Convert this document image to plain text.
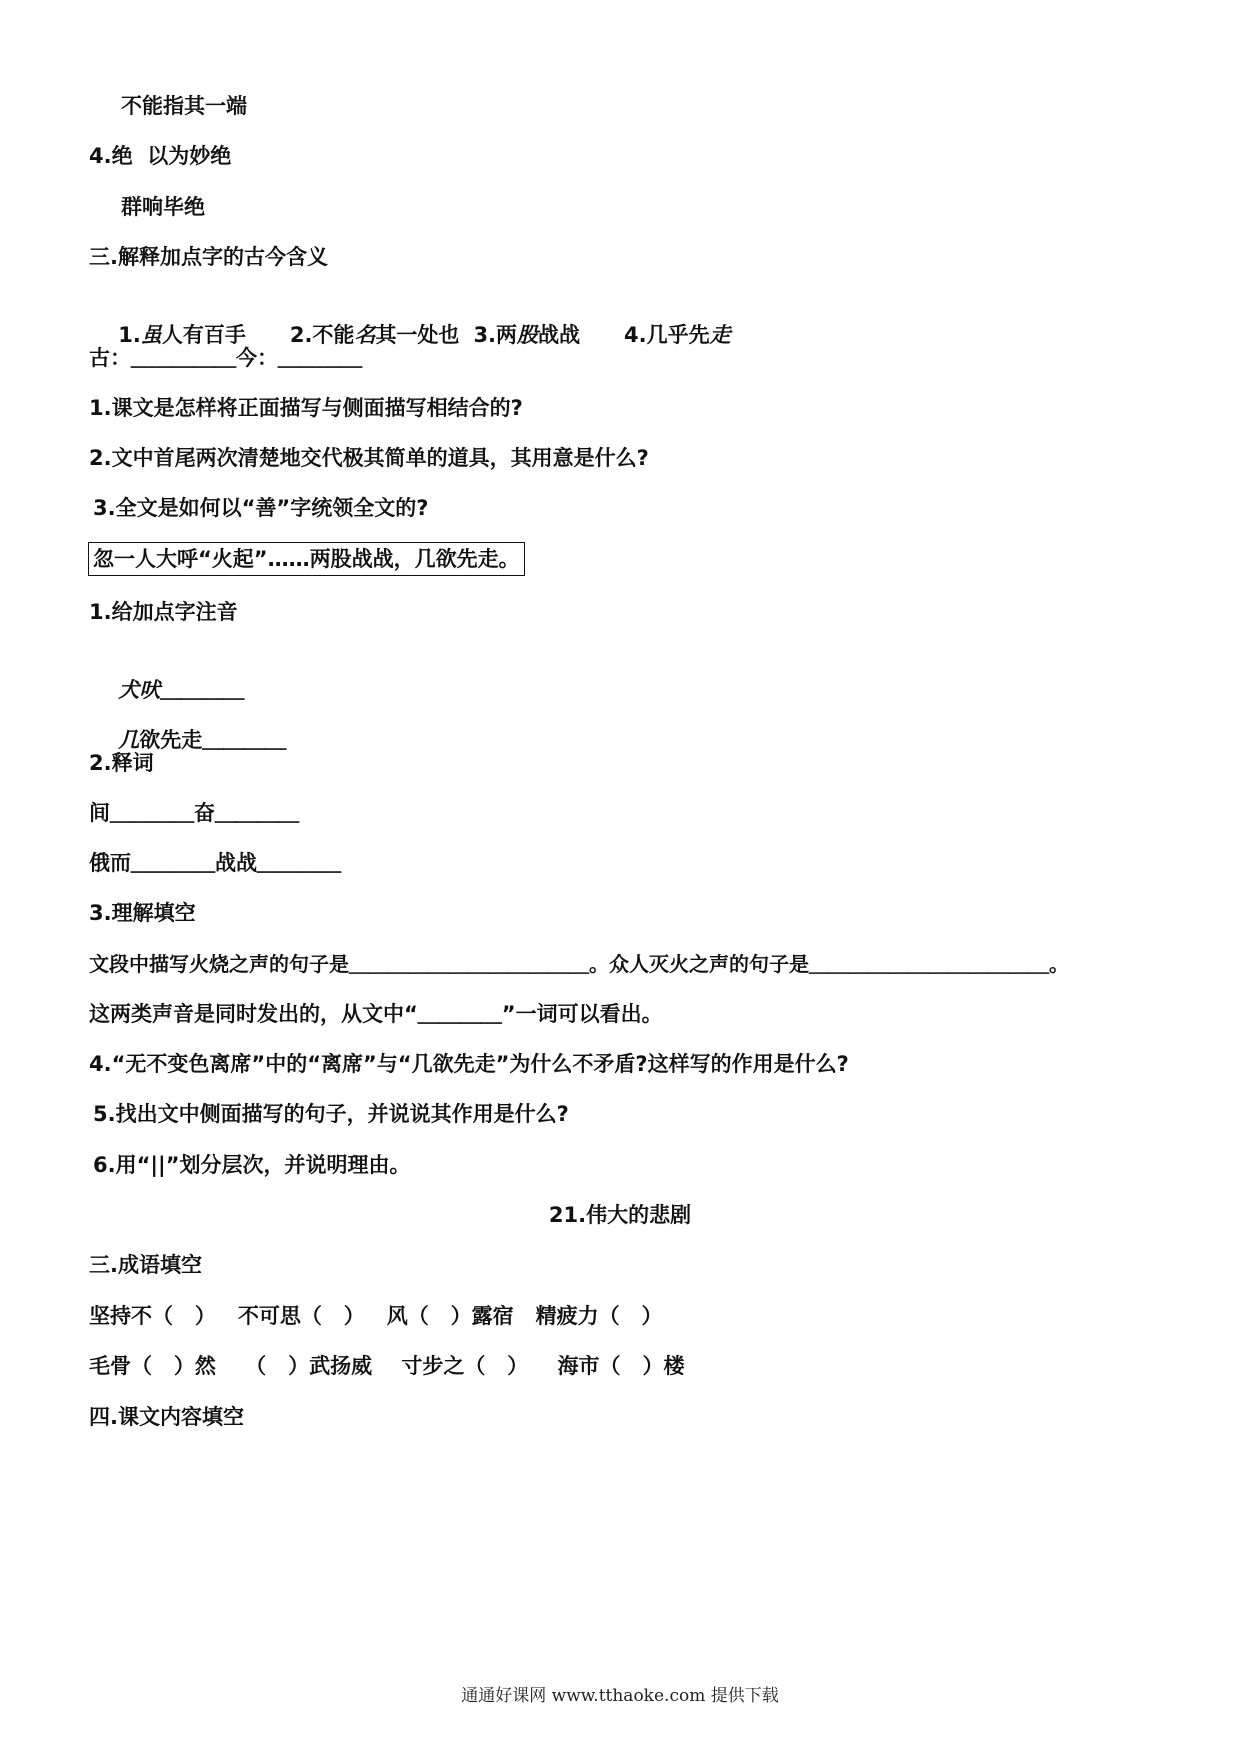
不能指其一端
4.绝  以为妙绝
群响毕绝
三.解释加点字的古今含义

1.虽人有百手 2.不能名其一处也 3.两股战战 4.几乎先走

古：＿＿＿＿＿今：＿＿＿＿
1.课文是怎样将正面描写与侧面描写相结合的?
2.文中首尾两次清楚地交代极其简单的道具，其用意是什么?
3.全文是如何以“善”字统领全文的?
忽一人大呼“火起”……两股战战，几欲先走。
1.给加点字注音

犬吠＿＿＿＿

几欲先走＿＿＿＿

2.释词
间＿＿＿＿奋＿＿＿＿
俄而＿＿＿＿战战＿＿＿＿
3.理解填空
文段中描写火烧之声的句子是＿＿＿＿＿＿＿＿＿＿＿＿。众人灭火之声的句子是＿＿＿＿＿＿＿＿＿＿＿＿。
这两类声音是同时发出的，从文中“＿＿＿＿”一词可以看出。
4.“无不变色离席”中的“离席”与“几欲先走”为什么不矛盾?这样写的作用是什么?
5.找出文中侧面描写的句子，并说说其作用是什么?
6.用“||”划分层次，并说明理由。
21.伟大的悲剧
三.成语填空
坚持不（   ）   不可思（   ）   风（   ）露宿   精疲力（   ）
毛骨（   ）然    （   ）武扬威    寸步之（   ）    海市（   ）楼
四.课文内容填空
通通好课网 www.tthaoke.com 提供下载
